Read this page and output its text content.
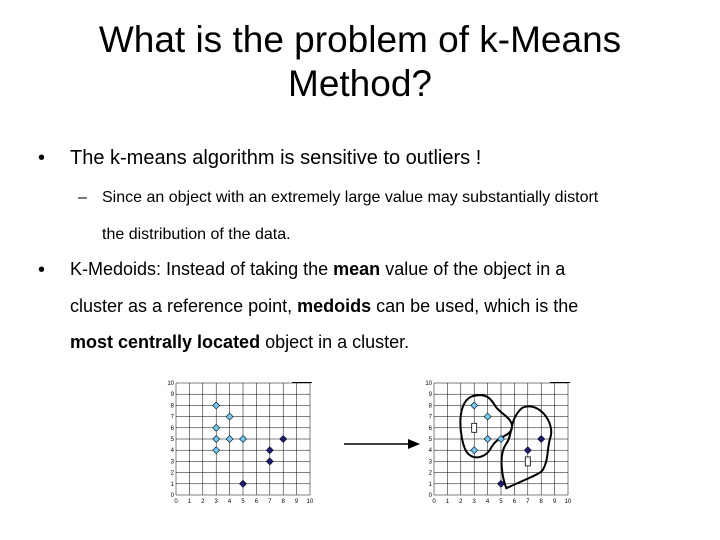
What is the problem of k-Means
Method?
• The k-means algorithm is sensitive to outliers !
– Since an object with an extremely large value may substantially distort
the distribution of the data.
• K-Medoids: Instead of taking the mean value of the object in a
cluster as a reference point, medoids can be used, which is the
most centrally located object in a cluster.
0 1 2 3 4 5 6 7 8 9 10
0
1
2
3
4
5
6
7
8
9
10
0 1 2 3 4 5 6 7 8 9 10
0
1
2
3
4
5
6
7
8
9
10
